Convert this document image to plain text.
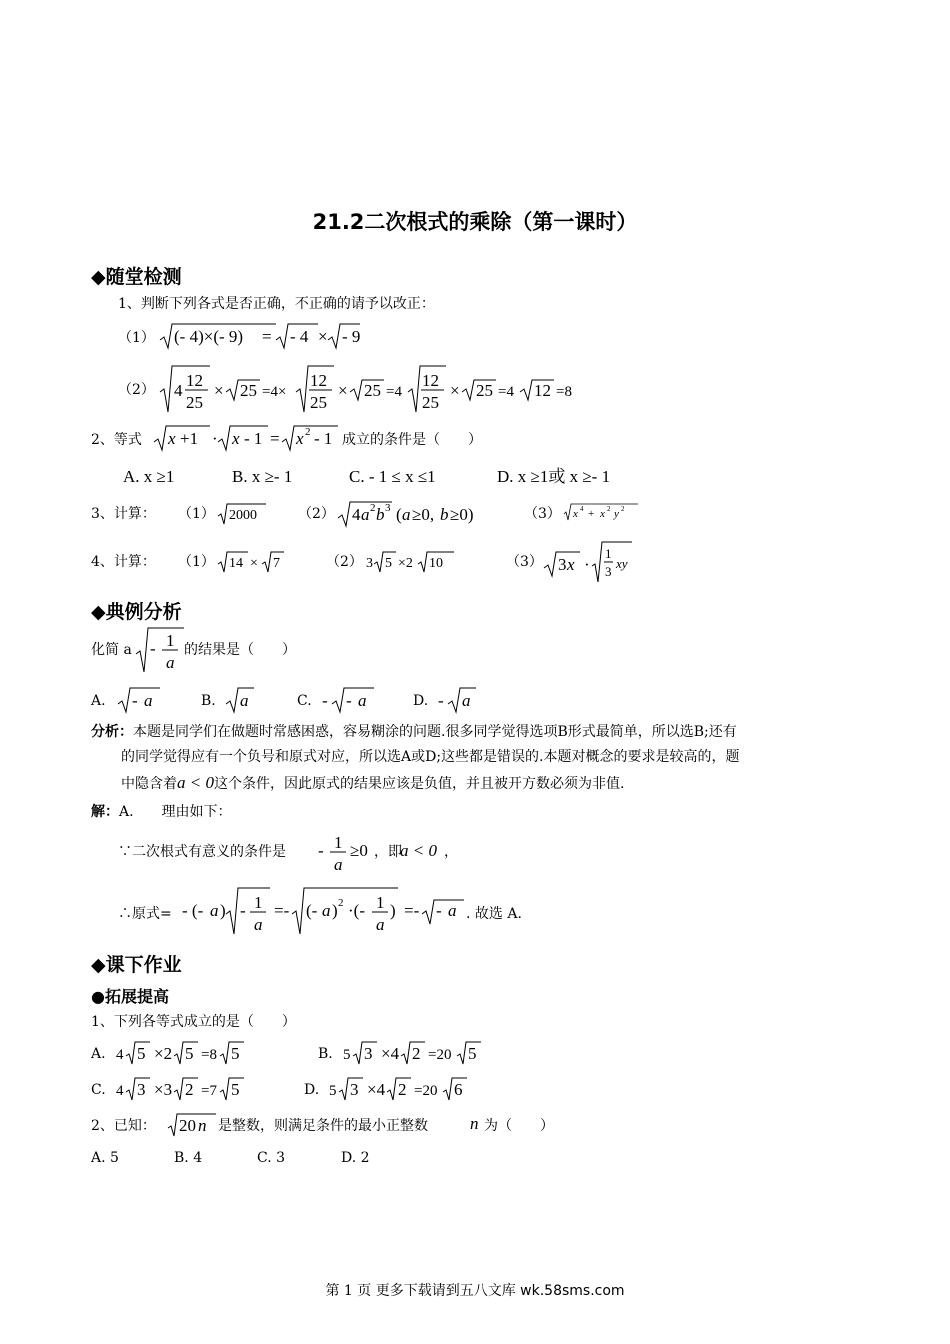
21.2二次根式的乘除（第一课时）
◆随堂检测
1、判断下列各式是否正确，不正确的请予以改正：
（1） (- 4)×(- 9) = - 4 × - 9
（2） 4
12
25
× 25 =4×
12
25
× 25 =4
12
25
× 25 =4 12 =8
2、等式 x +1 · x - 1 = x 2 - 1 成立的条件是（　　）
A. x ≥1	B. x ≥- 1	C. - 1 ≤ x ≤1	D. x ≥1或 x ≥- 1
3、计算： （1） 2000	（2） 4 a 2 b 3 ( a ≥0, b ≥0)	（3） x 4 + x 2 y 2
4、计算： （1） 14 × 7	（2） 3 5 ×2 10	（3） 3 x ·
1
3
xy
◆典例分析
化简 a - 1
a
的结果是（　　）
A. - a	B. a	C. - - a	D. - a
分析：本题是同学们在做题时常感困惑，容易糊涂的问题.很多同学觉得选项B形式最简单，所以选B;还有
的同学觉得应有一个负号和原式对应，所以选A或D;这些都是错误的.本题对概念的要求是较高的，题
中隐含着a < 0这个条件，因此原式的结果应该是负值，并且被开方数必须为非值.
解：A.　　理由如下：
∵二次根式有意义的条件是 - 1
a
≥0 ，即
a < 0 ，
∴原式= - (- a ) - 1
a
=- (- a ) 2 ·(- 1
a
) =- - a . 故选 A.
◆课下作业
●拓展提高
1、下列各等式成立的是（　　）
A. 4 5 ×2 5 =8 5	B. 5 3 ×4 2 =20 5
C. 4 3 ×3 2 =7 5	D. 5 3 ×4 2 =20 6
2、已知： 20 n 是整数，则满足条件的最小正整数 n 为（　　）
A. 5	B. 4	C. 3	D. 2
第 1 页 更多下载请到五八文库 wk.58sms.com
